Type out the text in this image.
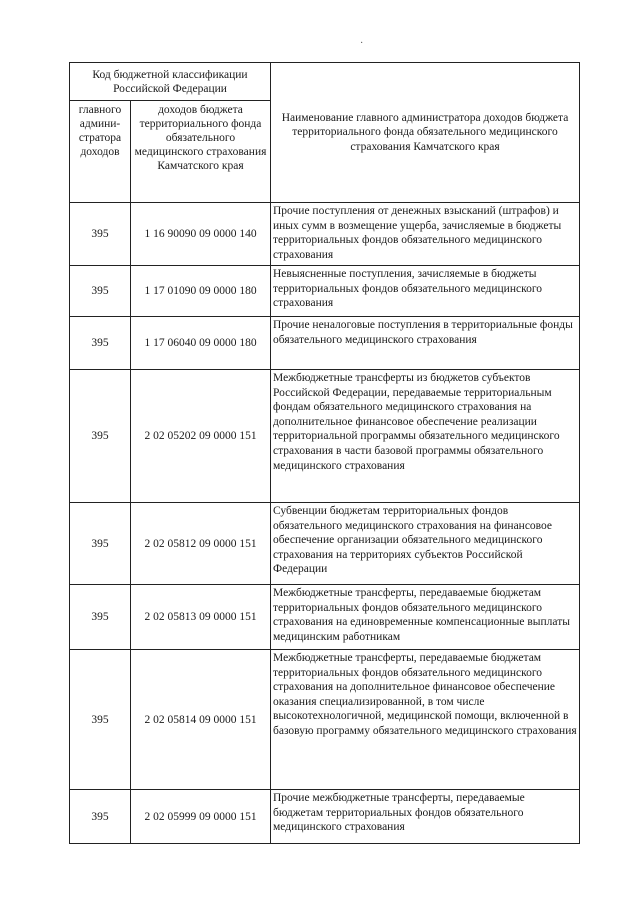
·
Код бюджетной классификации Российской Федерации		Наименование главного администратора доходов бюджета территориального фонда обязательного медицинского страхования Камчатского края
главного админи-стратора доходов	доходов бюджета территориального фонда обязательного медицинского страхования Камчатского края	
395	1 16 90090 09 0000 140	Прочие поступления от денежных взысканий (штрафов) и иных сумм в возмещение ущерба, зачисляемые в бюджеты территориальных фондов обязательного медицинского страхования
395	1 17 01090 09 0000 180	Невыясненные поступления, зачисляемые в бюджеты территориальных фондов обязательного медицинского страхования
395	1 17 06040 09 0000 180	Прочие неналоговые поступления в территориальные фонды обязательного медицинского страхования
395	2 02 05202 09 0000 151	Межбюджетные трансферты из бюджетов субъектов Российской Федерации, передаваемые территориальным фондам обязательного медицинского страхования на дополнительное финансовое обеспечение реализации территориальной программы обязательного медицинского страхования в части базовой программы обязательного медицинского страхования
395	2 02 05812 09 0000 151	Субвенции бюджетам территориальных фондов обязательного медицинского страхования на финансовое обеспечение организации обязательного медицинского страхования на территориях субъектов Российской Федерации
395	2 02 05813 09 0000 151	Межбюджетные трансферты, передаваемые бюджетам территориальных фондов обязательного медицинского страхования на единовременные компенсационные выплаты медицинским работникам
395	2 02 05814 09 0000 151	Межбюджетные трансферты, передаваемые бюджетам территориальных фондов обязательного медицинского страхования на дополнительное финансовое обеспечение оказания специализированной, в том числе высокотехнологичной, медицинской помощи, включенной в базовую программу обязательного медицинского страхования
395	2 02 05999 09 0000 151	Прочие межбюджетные трансферты, передаваемые бюджетам территориальных фондов обязательного медицинского страхования
